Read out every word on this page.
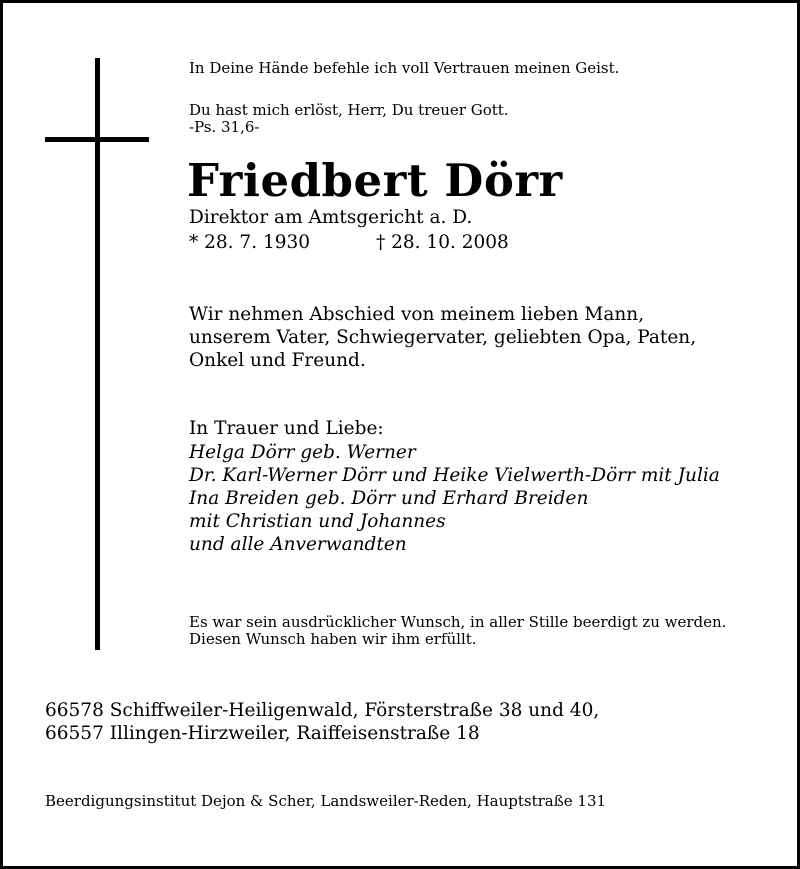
In Deine Hände befehle ich voll Vertrauen meinen Geist.
Du hast mich erlöst, Herr, Du treuer Gott.
-Ps. 31,6-
Friedbert Dörr
Direktor am Amtsgericht a. D.
* 28. 7. 1930	† 28. 10. 2008
Wir nehmen Abschied von meinem lieben Mann,
unserem Vater, Schwiegervater, geliebten Opa, Paten,
Onkel und Freund.
In Trauer und Liebe:
Helga Dörr geb. Werner
Dr. Karl-Werner Dörr und Heike Vielwerth-Dörr mit Julia
Ina Breiden geb. Dörr und Erhard Breiden
mit Christian und Johannes
und alle Anverwandten
Es war sein ausdrücklicher Wunsch, in aller Stille beerdigt zu werden.
Diesen Wunsch haben wir ihm erfüllt.
66578 Schiffweiler-Heiligenwald, Försterstraße 38 und 40,
66557 Illingen-Hirzweiler, Raiffeisenstraße 18
Beerdigungsinstitut Dejon & Scher, Landsweiler-Reden, Hauptstraße 131
